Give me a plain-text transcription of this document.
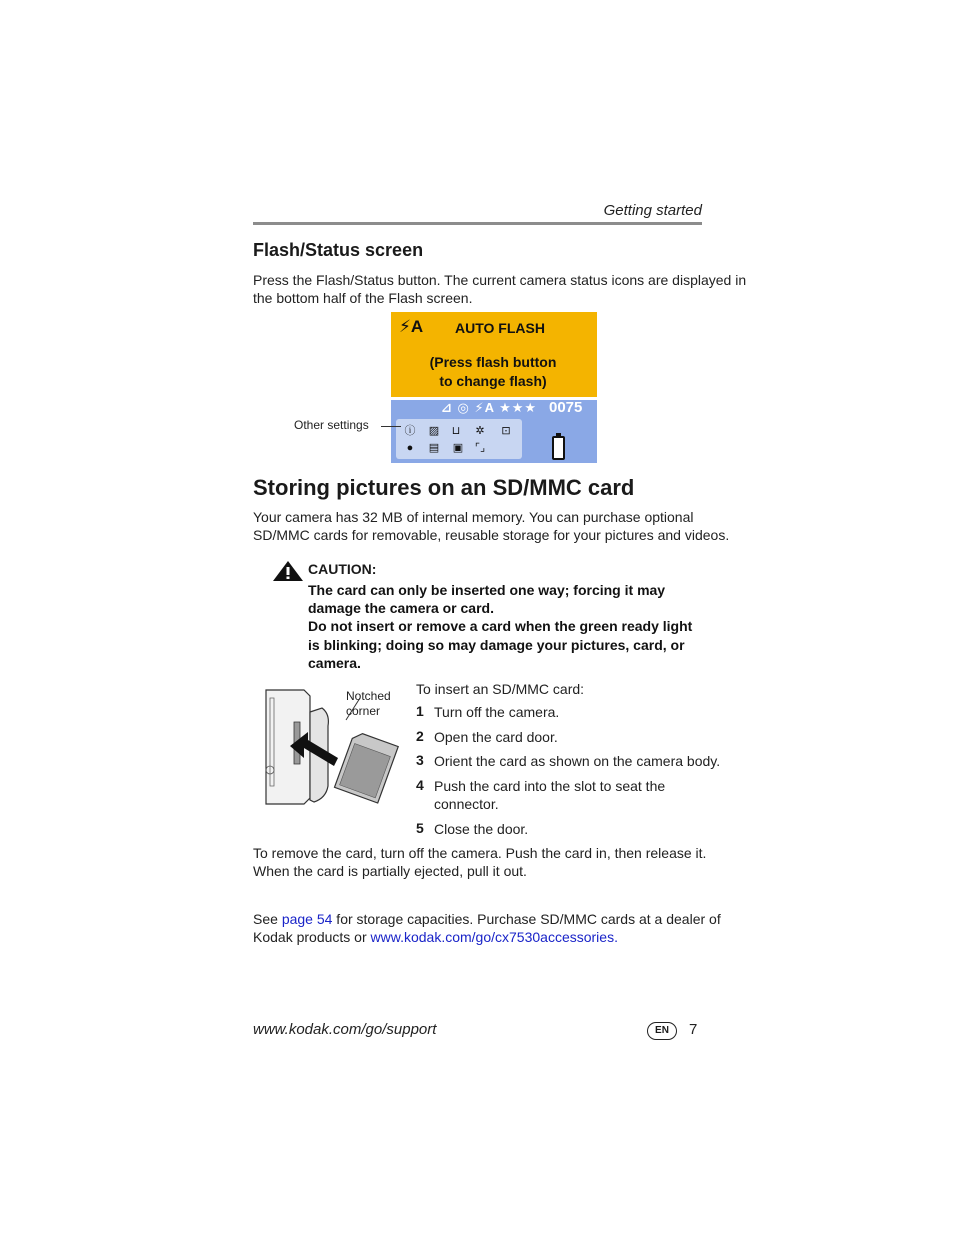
Getting started
Flash/Status screen
Press the Flash/Status button. The current camera status icons are displayed in
the bottom half of the Flash screen.
⚡A AUTO FLASH
(Press flash button
to change flash)
⊿ ◎ ⚡A ★★★ 0075
ⓘ ▨	⊔	✲	⊡
●	▤ ▣ ⌜⌟
Other settings
Storing pictures on an SD/MMC card
Your camera has 32 MB of internal memory. You can purchase optional
SD/MMC cards for removable, reusable storage for your pictures and videos.
CAUTION:
The card can only be inserted one way; forcing it may
damage the camera or card.
Do not insert or remove a card when the green ready light
is blinking; doing so may damage your pictures, card, or
camera.
Notched
corner
To insert an SD/MMC card:
1 Turn off the camera.
2 Open the card door.
3 Orient the card as shown on the camera body.
4 Push the card into the slot to seat the
connector.
5 Close the door.
To remove the card, turn off the camera. Push the card in, then release it.
When the card is partially ejected, pull it out.
See page 54 for storage capacities. Purchase SD/MMC cards at a dealer of
Kodak products or www.kodak.com/go/cx7530accessories.
www.kodak.com/go/support	EN	7
